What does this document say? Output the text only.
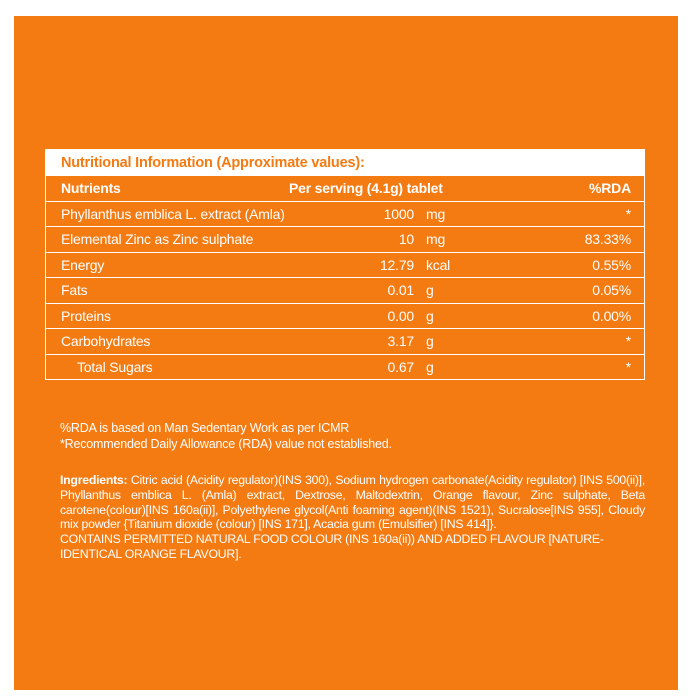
Nutritional Information (Approximate values):
Nutrients	Per serving (4.1g) tablet	%RDA
Phyllanthus emblica L. extract (Amla)	1000 mg	*
Elemental Zinc as Zinc sulphate	10 mg	83.33%
Energy	12.79 kcal	0.55%
Fats	0.01 g	0.05%
Proteins	0.00 g	0.00%
Carbohydrates	3.17 g	*
Total Sugars	0.67 g	*
%RDA is based on Man Sedentary Work as per ICMR
*Recommended Daily Allowance (RDA) value not established.
Ingredients: Citric acid (Acidity regulator)(INS 300), Sodium hydrogen carbonate(Acidity regulator) [INS 500(ii)], Phyllanthus emblica L. (Amla) extract, Dextrose, Maltodextrin, Orange flavour, Zinc sulphate, Beta carotene(colour)[INS 160a(ii)], Polyethylene glycol(Anti foaming agent)(INS 1521), Sucralose[INS 955], Cloudy mix powder {Titanium dioxide (colour) [INS 171], Acacia gum (Emulsifier) [INS 414]}.
CONTAINS PERMITTED NATURAL FOOD COLOUR (INS 160a(ii)) AND ADDED FLAVOUR [NATURE-IDENTICAL ORANGE FLAVOUR].
